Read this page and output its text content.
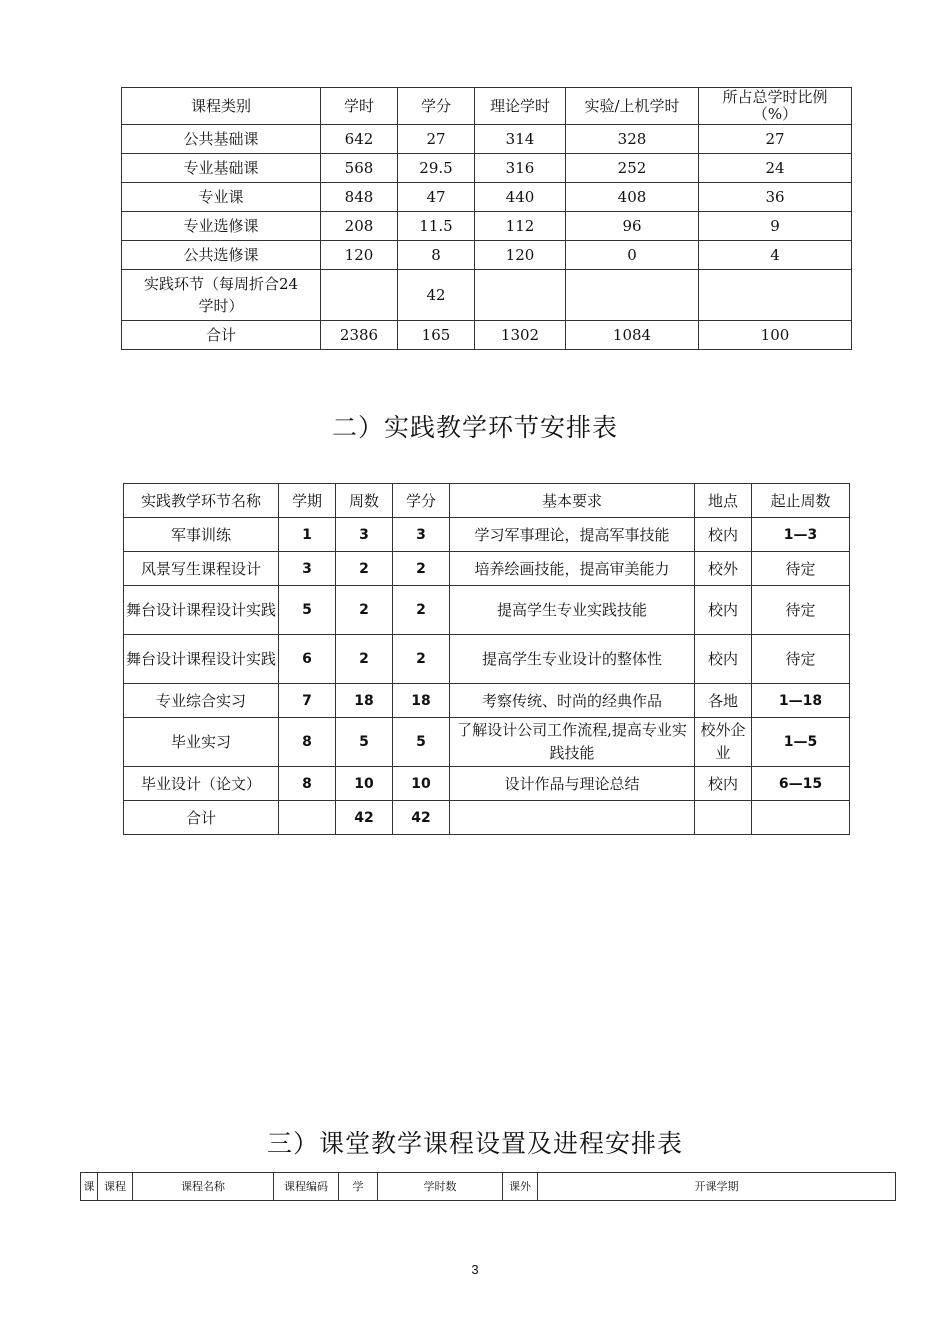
课程类别	学时	学分	理论学时	实验/上机学时	所占总学时比例
（%）
公共基础课	642	27	314	328	27
专业基础课	568	29.5	316	252	24
专业课	848	47	440	408	36
专业选修课	208	11.5	112	96	9
公共选修课	120	8	120	0	4
实践环节（每周折合24
学时）		42			
合计	2386	165	1302	1084	100
二）实践教学环节安排表
实践教学环节名称	学期	周数	学分	基本要求	地点	起止周数
军事训练	1	3	3	学习军事理论，提高军事技能	校内	1—3
风景写生课程设计	3	2	2	培养绘画技能，提高审美能力	校外	待定
舞台设计课程设计实践	5	2	2	提高学生专业实践技能	校内	待定
舞台设计课程设计实践	6	2	2	提高学生专业设计的整体性	校内	待定
专业综合实习	7	18	18	考察传统、时尚的经典作品	各地	1—18
毕业实习	8	5	5	了解设计公司工作流程,提高专业实践技能	校外企业	1—5
毕业设计（论文）	8	10	10	设计作品与理论总结	校内	6—15
合计		42	42			
三）课堂教学课程设置及进程安排表
课	课程	课程名称	课程编码	学	学时数	课外	开课学期
3
